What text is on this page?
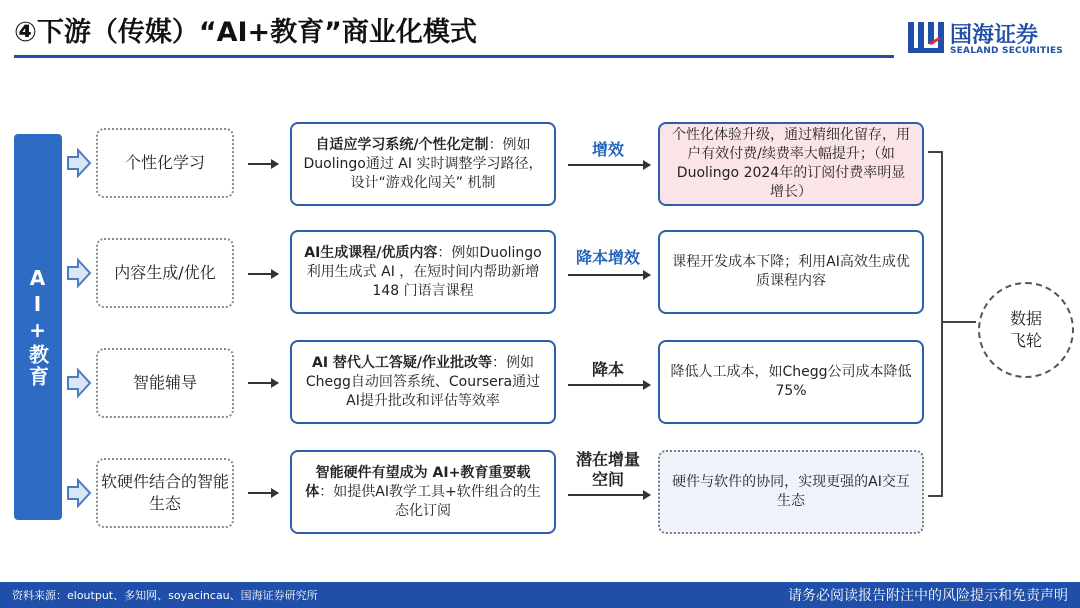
④下游（传媒）“AI+教育”商业化模式	国海证券
SEALAND SECURITIES
AI+教育
个性化学习
自适应学习系统/个性化定制：例如Duolingo通过 AI 实时调整学习路径，设计“游戏化闯关” 机制
增效
个性化体验升级，通过精细化留存，用户有效付费/续费率大幅提升；（如Duolingo 2024年的订阅付费率明显增长）
内容生成/优化
AI生成课程/优质内容：例如Duolingo 利用生成式 AI ，在短时间内帮助新增 148 门语言课程
降本增效	课程开发成本下降；利用AI高效生成优质课程内容
智能辅导
AI 替代人工答疑/作业批改等：例如Chegg自动回答系统、Coursera通过AI提升批改和评估等效率
降本	降低人工成本，如Chegg公司成本降低75%
软硬件结合的智能生态
智能硬件有望成为 AI+教育重要载体：如提供AI教学工具+软件组合的生态化订阅
潜在增量空间	硬件与软件的协同，实现更强的AI交互生态
数据飞轮
资料来源：eloutput、多知网、soyacincau、国海证券研究所	请务必阅读报告附注中的风险提示和免责声明
